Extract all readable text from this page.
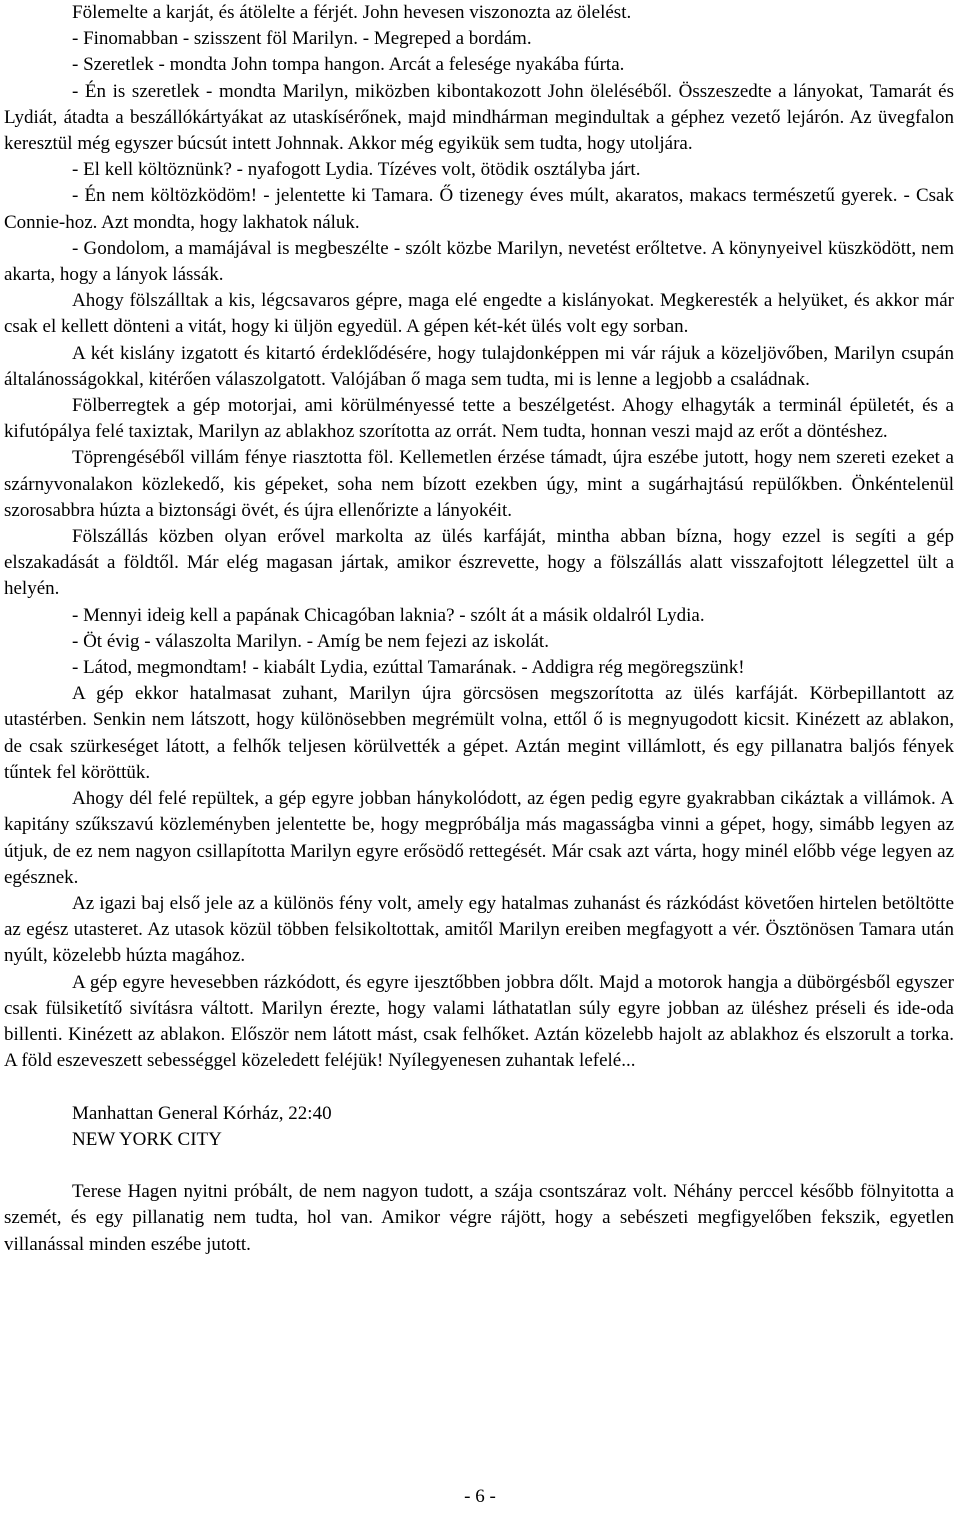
Fölemelte a karját, és átölelte a férjét. John hevesen viszonozta az ölelést.

- Finomabban - szisszent föl Marilyn. - Megreped a bordám.

- Szeretlek - mondta John tompa hangon. Arcát a felesége nyakába fúrta.

- Én is szeretlek - mondta Marilyn, miközben kibontakozott John öleléséből. Összeszedte a lányokat, Tamarát és Lydiát, átadta a beszállókártyákat az utaskísérőnek, majd mindhárman megindultak a géphez vezető lejárón. Az üvegfalon keresztül még egyszer búcsút intett Johnnak. Akkor még egyikük sem tudta, hogy utoljára.

- El kell költöznünk? - nyafogott Lydia. Tízéves volt, ötödik osztályba járt.

- Én nem költözködöm! - jelentette ki Tamara. Ő tizenegy éves múlt, akaratos, makacs természetű gyerek. - Csak Connie-hoz. Azt mondta, hogy lakhatok náluk.

- Gondolom, a mamájával is megbeszélte - szólt közbe Marilyn, nevetést erőltetve. A könynyeivel küszködött, nem akarta, hogy a lányok lássák.

Ahogy fölszálltak a kis, légcsavaros gépre, maga elé engedte a kislányokat. Megkeresték a helyüket, és akkor már csak el kellett dönteni a vitát, hogy ki üljön egyedül. A gépen két-két ülés volt egy sorban.

A két kislány izgatott és kitartó érdeklődésére, hogy tulajdonképpen mi vár rájuk a közeljövőben, Marilyn csupán általánosságokkal, kitérően válaszolgatott. Valójában ő maga sem tudta, mi is lenne a legjobb a családnak.

Fölberregtek a gép motorjai, ami körülményessé tette a beszélgetést. Ahogy elhagyták a terminál épületét, és a kifutópálya felé taxiztak, Marilyn az ablakhoz szorította az orrát. Nem tudta, honnan veszi majd az erőt a döntéshez.

Töprengéséből villám fénye riasztotta föl. Kellemetlen érzése támadt, újra eszébe jutott, hogy nem szereti ezeket a szárnyvonalakon közlekedő, kis gépeket, soha nem bízott ezekben úgy, mint a sugárhajtású repülőkben. Önkéntelenül szorosabbra húzta a biztonsági övét, és újra ellenőrizte a lányokéit.

Fölszállás közben olyan erővel markolta az ülés karfáját, mintha abban bízna, hogy ezzel is segíti a gép elszakadását a földtől. Már elég magasan jártak, amikor észrevette, hogy a fölszállás alatt visszafojtott lélegzettel ült a helyén.

- Mennyi ideig kell a papának Chicagóban laknia? - szólt át a másik oldalról Lydia.

- Öt évig - válaszolta Marilyn. - Amíg be nem fejezi az iskolát.

- Látod, megmondtam! - kiabált Lydia, ezúttal Tamarának. - Addigra rég megöregszünk!

A gép ekkor hatalmasat zuhant, Marilyn újra görcsösen megszorította az ülés karfáját. Körbepillantott az utastérben. Senkin nem látszott, hogy különösebben megrémült volna, ettől ő is megnyugodott kicsit. Kinézett az ablakon, de csak szürkeséget látott, a felhők teljesen körülvették a gépet. Aztán megint villámlott, és egy pillanatra baljós fények tűntek fel köröttük.

Ahogy dél felé repültek, a gép egyre jobban hánykolódott, az égen pedig egyre gyakrabban cikáztak a villámok. A kapitány szűkszavú közleményben jelentette be, hogy megpróbálja más magasságba vinni a gépet, hogy, simább legyen az útjuk, de ez nem nagyon csillapította Marilyn egyre erősödő rettegését. Már csak azt várta, hogy minél előbb vége legyen az egésznek.

Az igazi baj első jele az a különös fény volt, amely egy hatalmas zuhanást és rázkódást követően hirtelen betöltötte az egész utasteret. Az utasok közül többen felsikoltottak, amitől Marilyn ereiben megfagyott a vér. Ösztönösen Tamara után nyúlt, közelebb húzta magához.

A gép egyre hevesebben rázkódott, és egyre ijesztőbben jobbra dőlt. Majd a motorok hangja a dübörgésből egyszer csak fülsiketítő sivításra váltott. Marilyn érezte, hogy valami láthatatlan súly egyre jobban az üléshez préseli és ide-oda billenti. Kinézett az ablakon. Először nem látott mást, csak felhőket. Aztán közelebb hajolt az ablakhoz és elszorult a torka. A föld eszeveszett sebességgel közeledett feléjük! Nyílegyenesen zuhantak lefelé...

Manhattan General Kórház, 22:40

NEW YORK CITY

Terese Hagen nyitni próbált, de nem nagyon tudott, a szája csontszáraz volt. Néhány perccel később fölnyitotta a szemét, és egy pillanatig nem tudta, hol van. Amikor végre rájött, hogy a sebészeti megfigyelőben fekszik, egyetlen villanással minden eszébe jutott.

- 6 -
